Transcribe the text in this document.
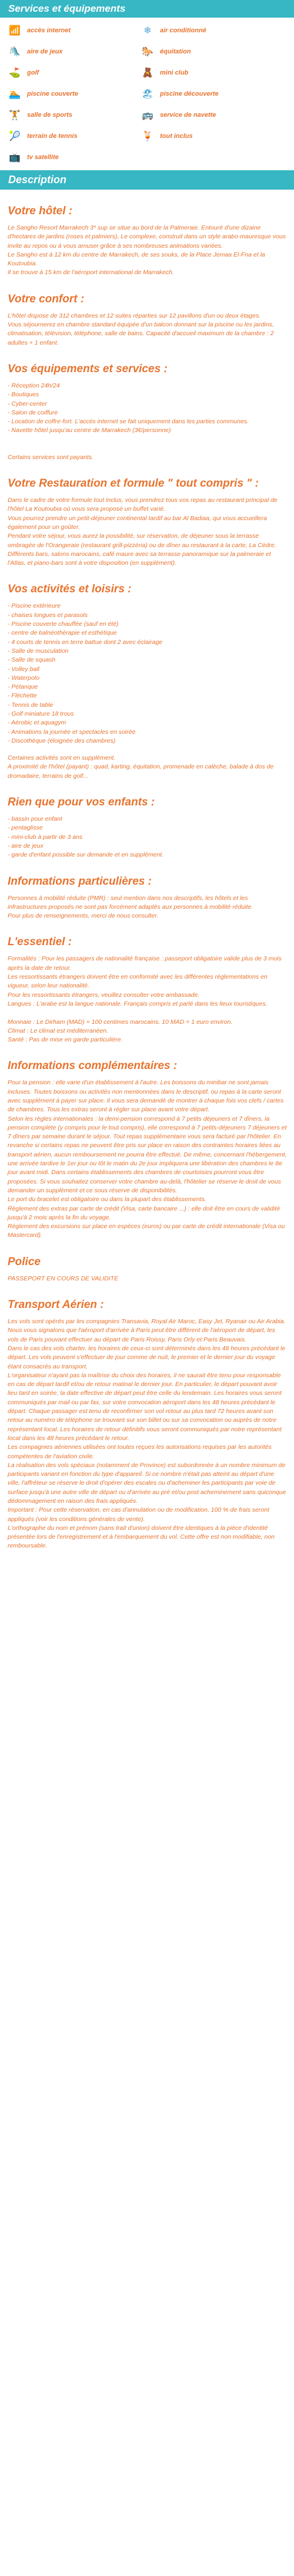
Services et équipements
📶 accès internet	❄	air conditionné
🛝 aire de jeux	🐎 équitation
⛳ golf	🧸 mini club
🏊 piscine couverte	🏖 piscine découverte
🏋 salle de sports	🚌 service de navette
🎾 terrain de tennis	🍹 tout inclus
📺 tv satellite
Description
Votre hôtel :

Le Sangho Resort Marrakech 3* sup se situe au bord de la Palmeraie. Entouré d'une dizaine d'hectares de jardins (roses et palmiers), Le complexe, construit dans un style arabo-mauresque vous invite au repos ou à vous amuser grâce à ses nombreuses animations variées.
Le Sangho est à 12 km du centre de Marrakech, de ses souks, de la Place Jemaa El-Fna et la Koutoubia.
Il se trouve à 15 km de l'aéroport international de Marrakech.

Votre confort :

L'hôtel dispose de 312 chambres et 12 suites réparties sur 12 pavillons d'un ou deux étages.
Vous séjournerez en chambre standard équipée d'un balcon donnant sur la piscine ou les jardins, climatisation, télévision, téléphone, salle de bains. Capacité d'accueil maximum de la chambre : 2 adultes + 1 enfant.

Vos équipements et services :
- Réception 24h/24
- Boutiques
- Cyber-center
- Salon de coiffure
- Location de coffre-fort. L'accès internet se fait uniquement dans les parties communes.
- Navette hôtel jusqu'au centre de Marrakech (3€/personne)

Certains services sont payants.

Votre Restauration et formule " tout compris " :

Dans le cadre de votre formule tout inclus, vous prendrez tous vos repas au restaurant principal de l'hôtel La Koutoubia où vous sera proposé un buffet varié.
Vous pourrez prendre un petit-déjeuner continental tardif au bar Al Badiaa, qui vous accueillera également pour un goûter.
Pendant votre séjour, vous aurez la possibilité, sur réservation, de déjeuner sous la terrasse ombragée de l'Orangeraie (restaurant grill-pizzéria) ou de dîner au restaurant à la carte, La Cèdre.
Différents bars, salons marocains, café maure avec sa terrasse panoramique sur la palmeraie et l'Atlas, et piano-bars sont à votre disposition (en supplément).

Vos activités et loisirs :
- Piscine extérieure
- chaises longues et parasols
- Piscine couverte chauffée (sauf en été)
- centre de balnéothérapie et esthétique
- 4 courts de tennis en terre battue dont 2 avec éclairage
- Salle de musculation
- Salle de squash
- Volley ball
- Waterpolo
- Pétanque
- Fléchette
- Tennis de table
- Golf miniature 18 trous
- Aérobic et aquagym
- Animations la journée et spectacles en soirée
- Discothèque (éloignée des chambres)

Certaines activités sont en supplément.
A proximité de l'hôtel (payant) : quad, karting, équitation, promenade en calèche, balade à dos de dromadaire, terrains de golf...

Rien que pour vos enfants :
- bassin pour enfant
- pentaglisse
- mini-club à partir de 3 ans
- aire de jeux
- garde d'enfant possible sur demande et en supplément.
Informations particulières :

Personnes à mobilité réduite (PMR) : seul mention dans nos descriptifs, les hôtels et les infrastructures proposés ne sont pas forcément adaptés aux personnes à mobilité réduite.
Pour plus de renseignements, merci de nous consulter.

L'essentiel :

Formalités : Pour les passagers de nationalité française : passeport obligatoire valide plus de 3 mois après la date de retour.
Les ressortissants étrangers doivent être en conformité avec les différentes réglementations en vigueur, selon leur nationalité.
Pour les ressortissants étrangers, veuillez consulter votre ambassade.
Langues : L'arabe est la langue nationale. Français compris et parlé dans les lieux touristiques.

Monnaie : Le Dirham (MAD) = 100 centimes marocains. 10 MAD = 1 euro environ.
Climat : Le climat est méditerranéen.
Santé : Pas de mise en garde particulière.

Informations complémentaires :

Pour la pension : elle varie d'un établissement à l'autre. Les boissons du minibar ne sont jamais incluses. Toutes boissons ou activités non mentionnées dans le descriptif, ou repas à la carte seront avec supplément à payer sur place. Il vous sera demandé de montrer à chaque fois vos clefs / cartes de chambres. Tous les extras seront à régler sur place avant votre départ.
Selon les règles internationales : la demi-pension correspond à 7 petits déjeuners et 7 dîners, la pension complète (y compris pour le tout compris), elle correspond à 7 petits-déjeuners 7 déjeuners et 7 dîners par semaine durant le séjour. Tout repas supplémentaire vous sera facturé par l'hôtelier. En revanche si certains repas ne peuvent être pris sur place en raison des contraintes horaires liées au transport aérien, aucun remboursement ne pourra être effectué. De même, concernant l'hébergement, une arrivée tardive le 1er jour ou tôt le matin du 2e jour impliquera une libération des chambres le 8e jour avant midi. Dans certains établissements des chambres de courtoisies pourront vous être proposées. Si vous souhaitez conserver votre chambre au-delà, l'hôtelier se réserve le droit de vous demander un supplément et ce sous réserve de disponibilités.
Le port du bracelet est obligatoire ou dans la plupart des établissements.
Règlement des extras par carte de crédit (Visa, carte bancaire ...) : elle doit être en cours de validité jusqu'à 2 mois après la fin du voyage.
Règlement des excursions sur place en espèces (euros) ou par carte de crédit internationale (Visa ou Mastercard).

Police

PASSEPORT EN COURS DE VALIDITE

Transport Aérien :

Les vols sont opérés par les compagnies Transavia, Royal Air Maroc, Easy Jet, Ryanair ou Air Arabia.
Nous vous signalons que l'aéroport d'arrivée à Paris peut être différent de l'aéroport de départ, les vols de Paris pouvant effectuer au départ de Paris Roissy, Paris Orly et Paris Beauvais.
Dans le cas des vols charter, les horaires de ceux-ci sont déterminés dans les 48 heures précédant le départ. Les vols peuvent s'effectuer de jour comme de nuit, le premier et le dernier jour du voyage étant consacrés au transport.
L'organisateur n'ayant pas la maîtrise du choix des horaires, il ne saurait être tenu pour responsable en cas de départ tardif et/ou de retour matinal le dernier jour. En particulier, le départ pouvant avoir lieu tard en soirée, la date effective de départ peut être celle du lendemain. Les horaires vous seront communiqués par mail ou par fax, sur votre convocation aéroport dans les 48 heures précédant le départ. Chaque passager est tenu de reconfirmer son vol retour au plus tard 72 heures avant son retour au numéro de téléphone se trouvant sur son billet ou sur sa convocation ou auprès de notre représentant local. Les horaires de retour définitifs vous seront communiqués par notre représentant local dans les 48 heures précédant le retour.
Les compagnies aériennes utilisées ont toutes reçues les autorisations requises par les autorités compétentes de l'aviation civile.
La réalisation des vols spéciaux (notamment de Province) est subordonnée à un nombre minimum de participants variant en fonction du type d'appareil. Si ce nombre n'était pas atteint au départ d'une ville, l'affréteur se réserve le droit d'opérer des escales ou d'acheminer les participants par voie de surface jusqu'à une autre ville de départ ou d'arrivée au pré et/ou post acheminement sans quiconque dédommagement en raison des frais appliqués.
Important : Pour cette réservation, en cas d'annulation ou de modification, 100 % de frais seront appliqués (voir les conditions générales de vente).
L'orthographe du nom et prénom (sans trait d'union) doivent être identiques à la pièce d'identité présentée lors de l'enregistrement et à l'embarquement du vol. Cette offre est non modifiable, non remboursable.
